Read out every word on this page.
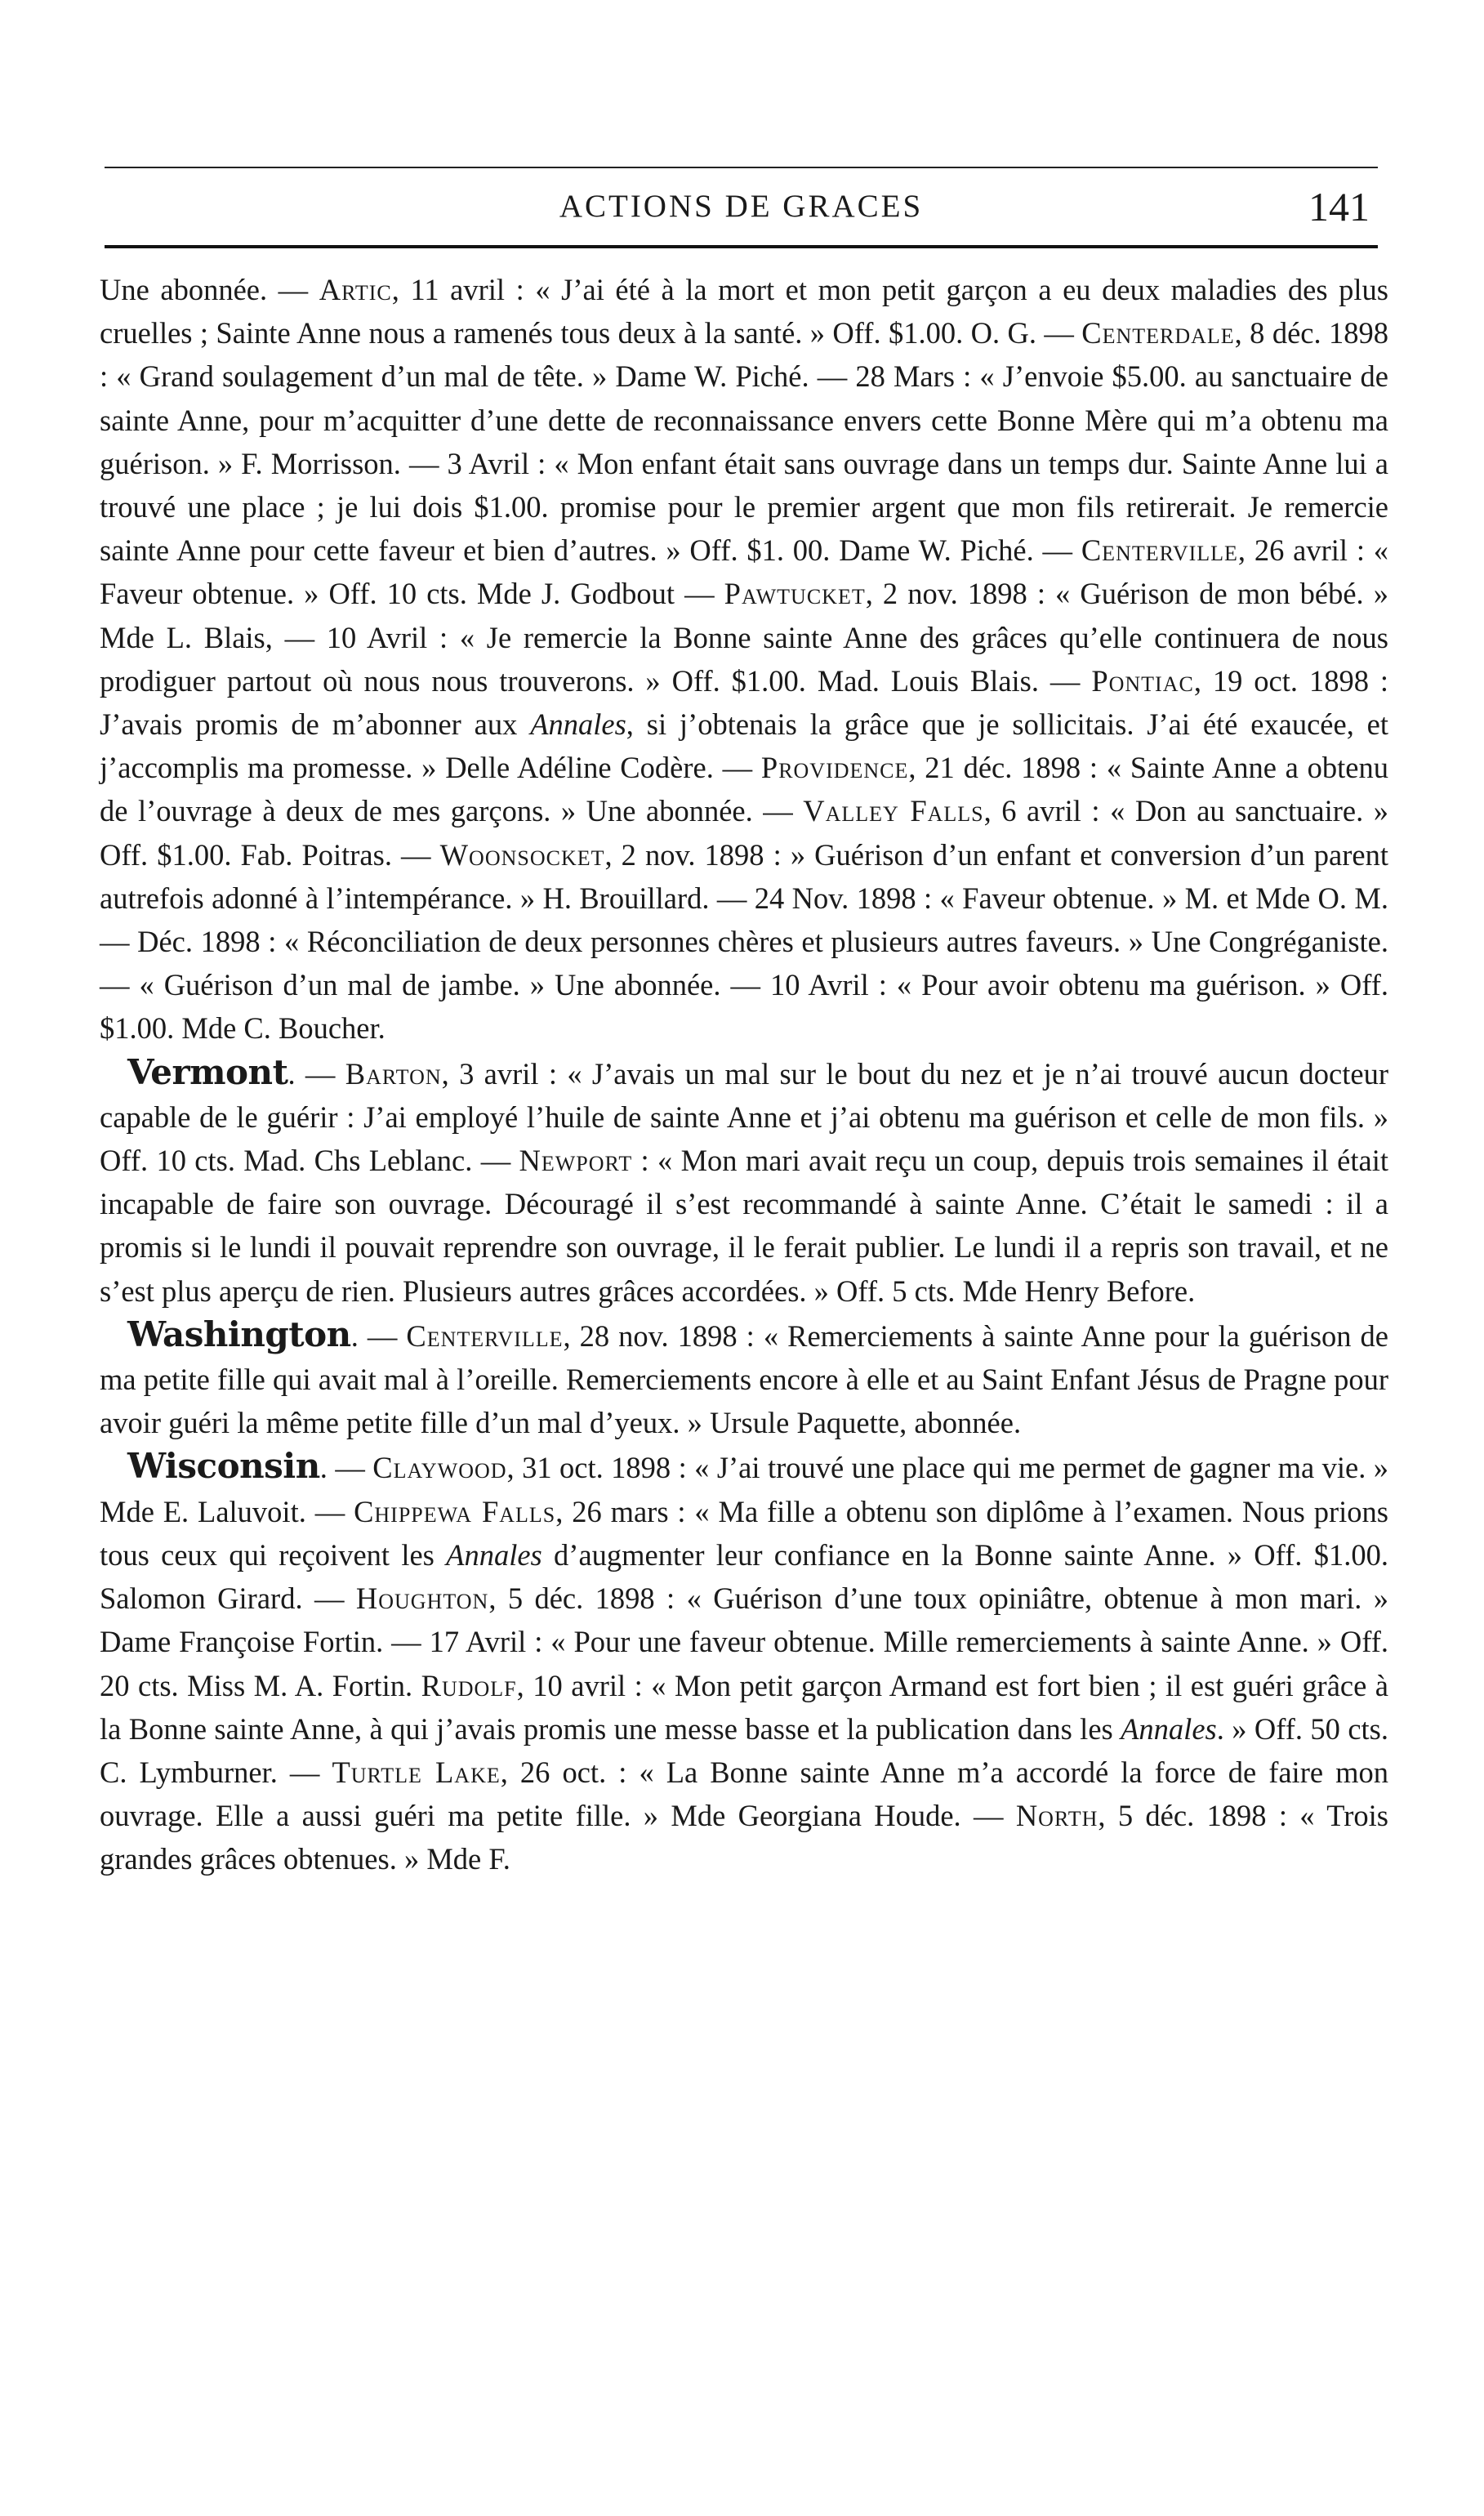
ACTIONS DE GRACES	141

Une abonnée. — Artic, 11 avril : « J’ai été à la mort et mon petit garçon a eu deux maladies des plus cruelles ; Sainte Anne nous a ramenés tous deux à la santé. » Off. $1.00. O. G. — Centerdale, 8 déc. 1898 : « Grand soulagement d’un mal de tête. » Dame W. Piché. — 28 Mars : « J’envoie $5.00. au sanctuaire de sainte Anne, pour m’acquitter d’une dette de reconnaissance envers cette Bonne Mère qui m’a obtenu ma guérison. » F. Morrisson. — 3 Avril : « Mon enfant était sans ouvrage dans un temps dur. Sainte Anne lui a trouvé une place ; je lui dois $1.00. promise pour le premier argent que mon fils retirerait. Je remercie sainte Anne pour cette faveur et bien d’autres. » Off. $1. 00. Dame W. Piché. — Centerville, 26 avril : « Faveur obtenue. » Off. 10 cts. Mde J. Godbout — Pawtucket, 2 nov. 1898 : « Guérison de mon bébé. » Mde L. Blais, — 10 Avril : « Je remercie la Bonne sainte Anne des grâces qu’elle continuera de nous prodiguer partout où nous nous trouverons. » Off. $1.00. Mad. Louis Blais. — Pontiac, 19 oct. 1898 : J’avais promis de m’abonner aux Annales, si j’obtenais la grâce que je sollicitais. J’ai été exaucée, et j’accomplis ma promesse. » Delle Adéline Codère. — Providence, 21 déc. 1898 : « Sainte Anne a obtenu de l’ouvrage à deux de mes garçons. » Une abonnée. — Valley Falls, 6 avril : « Don au sanctuaire. » Off. $1.00. Fab. Poitras. — Woonsocket, 2 nov. 1898 : » Guérison d’un enfant et conversion d’un parent autrefois adonné à l’intempérance. » H. Brouillard. — 24 Nov. 1898 : « Faveur obtenue. » M. et Mde O. M. — Déc. 1898 : « Réconciliation de deux personnes chères et plusieurs autres faveurs. » Une Congréganiste. — « Guérison d’un mal de jambe. » Une abonnée. — 10 Avril : « Pour avoir obtenu ma guérison. » Off. $1.00. Mde C. Boucher.

Vermont. — Barton, 3 avril : « J’avais un mal sur le bout du nez et je n’ai trouvé aucun docteur capable de le guérir : J’ai employé l’huile de sainte Anne et j’ai obtenu ma guérison et celle de mon fils. » Off. 10 cts. Mad. Chs Leblanc. — Newport : « Mon mari avait reçu un coup, depuis trois semaines il était incapable de faire son ouvrage. Découragé il s’est recommandé à sainte Anne. C’était le samedi : il a promis si le lundi il pouvait reprendre son ouvrage, il le ferait publier. Le lundi il a repris son travail, et ne s’est plus aperçu de rien. Plusieurs autres grâces accordées. » Off. 5 cts. Mde Henry Before.

Washington. — Centerville, 28 nov. 1898 : « Remerciements à sainte Anne pour la guérison de ma petite fille qui avait mal à l’oreille. Remerciements encore à elle et au Saint Enfant Jésus de Pragne pour avoir guéri la même petite fille d’un mal d’yeux. » Ursule Paquette, abonnée.

Wisconsin. — Claywood, 31 oct. 1898 : « J’ai trouvé une place qui me permet de gagner ma vie. » Mde E. Laluvoit. — Chippewa Falls, 26 mars : « Ma fille a obtenu son diplôme à l’examen. Nous prions tous ceux qui reçoivent les Annales d’augmenter leur confiance en la Bonne sainte Anne. » Off. $1.00. Salomon Girard. — Houghton, 5 déc. 1898 : « Guérison d’une toux opiniâtre, obtenue à mon mari. » Dame Françoise Fortin. — 17 Avril : « Pour une faveur obtenue. Mille remerciements à sainte Anne. » Off. 20 cts. Miss M. A. Fortin. Rudolf, 10 avril : « Mon petit garçon Armand est fort bien ; il est guéri grâce à la Bonne sainte Anne, à qui j’avais promis une messe basse et la publication dans les Annales. » Off. 50 cts. C. Lymburner. — Turtle Lake, 26 oct. : « La Bonne sainte Anne m’a accordé la force de faire mon ouvrage. Elle a aussi guéri ma petite fille. » Mde Georgiana Houde. — North, 5 déc. 1898 : « Trois grandes grâces obtenues. » Mde F.
